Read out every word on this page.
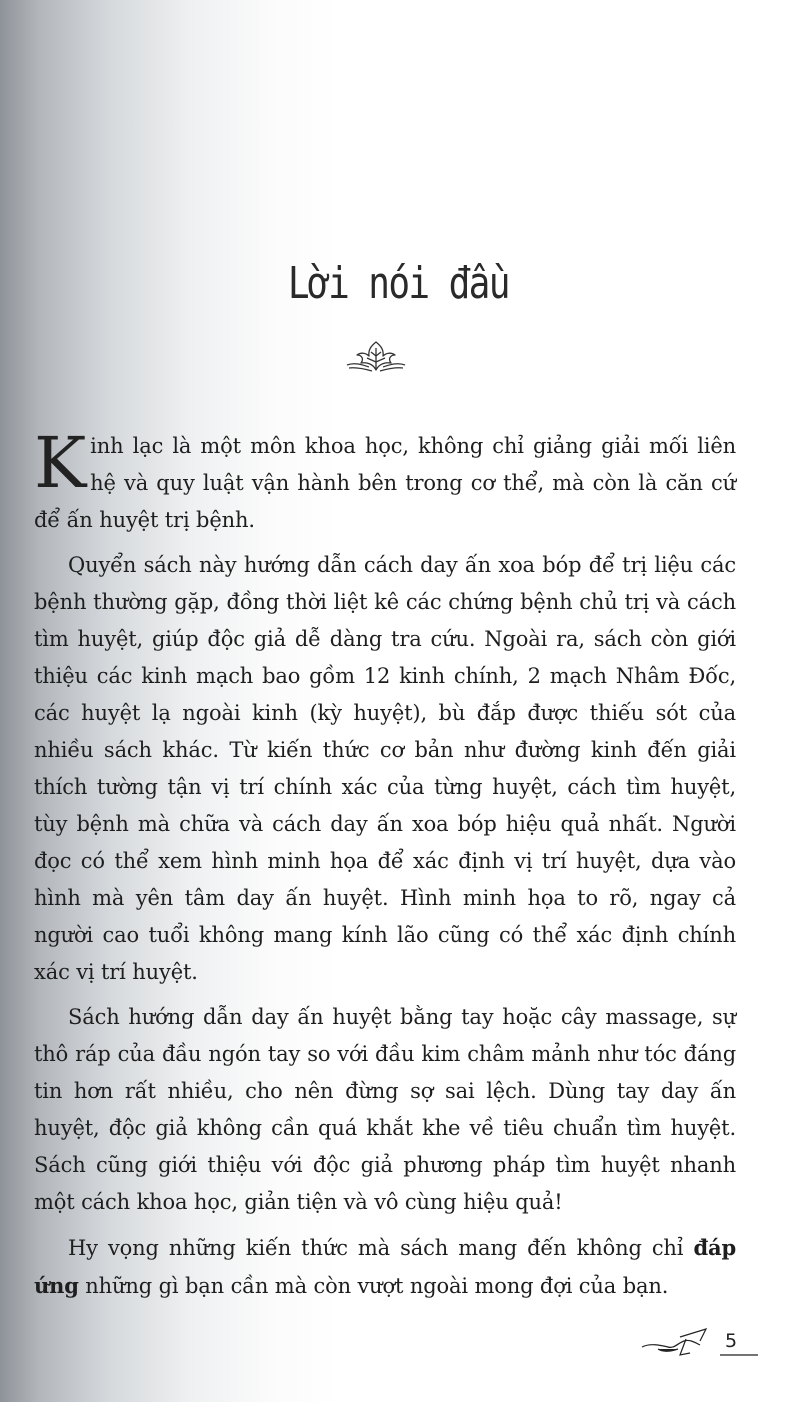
Lời nói đầu

Kinh lạc là một môn khoa học, không chỉ giảng giải mối liên hệ và quy luật vận hành bên trong cơ thể, mà còn là căn cứ để ấn huyệt trị bệnh.

Quyển sách này hướng dẫn cách day ấn xoa bóp để trị liệu các bệnh thường gặp, đồng thời liệt kê các chứng bệnh chủ trị và cách tìm huyệt, giúp độc giả dễ dàng tra cứu. Ngoài ra, sách còn giới thiệu các kinh mạch bao gồm 12 kinh chính, 2 mạch Nhâm Đốc, các huyệt lạ ngoài kinh (kỳ huyệt), bù đắp được thiếu sót của nhiều sách khác. Từ kiến thức cơ bản như đường kinh đến giải thích tường tận vị trí chính xác của từng huyệt, cách tìm huyệt, tùy bệnh mà chữa và cách day ấn xoa bóp hiệu quả nhất. Người đọc có thể xem hình minh họa để xác định vị trí huyệt, dựa vào hình mà yên tâm day ấn huyệt. Hình minh họa to rõ, ngay cả người cao tuổi không mang kính lão cũng có thể xác định chính xác vị trí huyệt.

Sách hướng dẫn day ấn huyệt bằng tay hoặc cây massage, sự thô ráp của đầu ngón tay so với đầu kim châm mảnh như tóc đáng tin hơn rất nhiều, cho nên đừng sợ sai lệch. Dùng tay day ấn huyệt, độc giả không cần quá khắt khe về tiêu chuẩn tìm huyệt. Sách cũng giới thiệu với độc giả phương pháp tìm huyệt nhanh một cách khoa học, giản tiện và vô cùng hiệu quả!

Hy vọng những kiến thức mà sách mang đến không chỉ đáp ứng những gì bạn cần mà còn vượt ngoài mong đợi của bạn.

5
